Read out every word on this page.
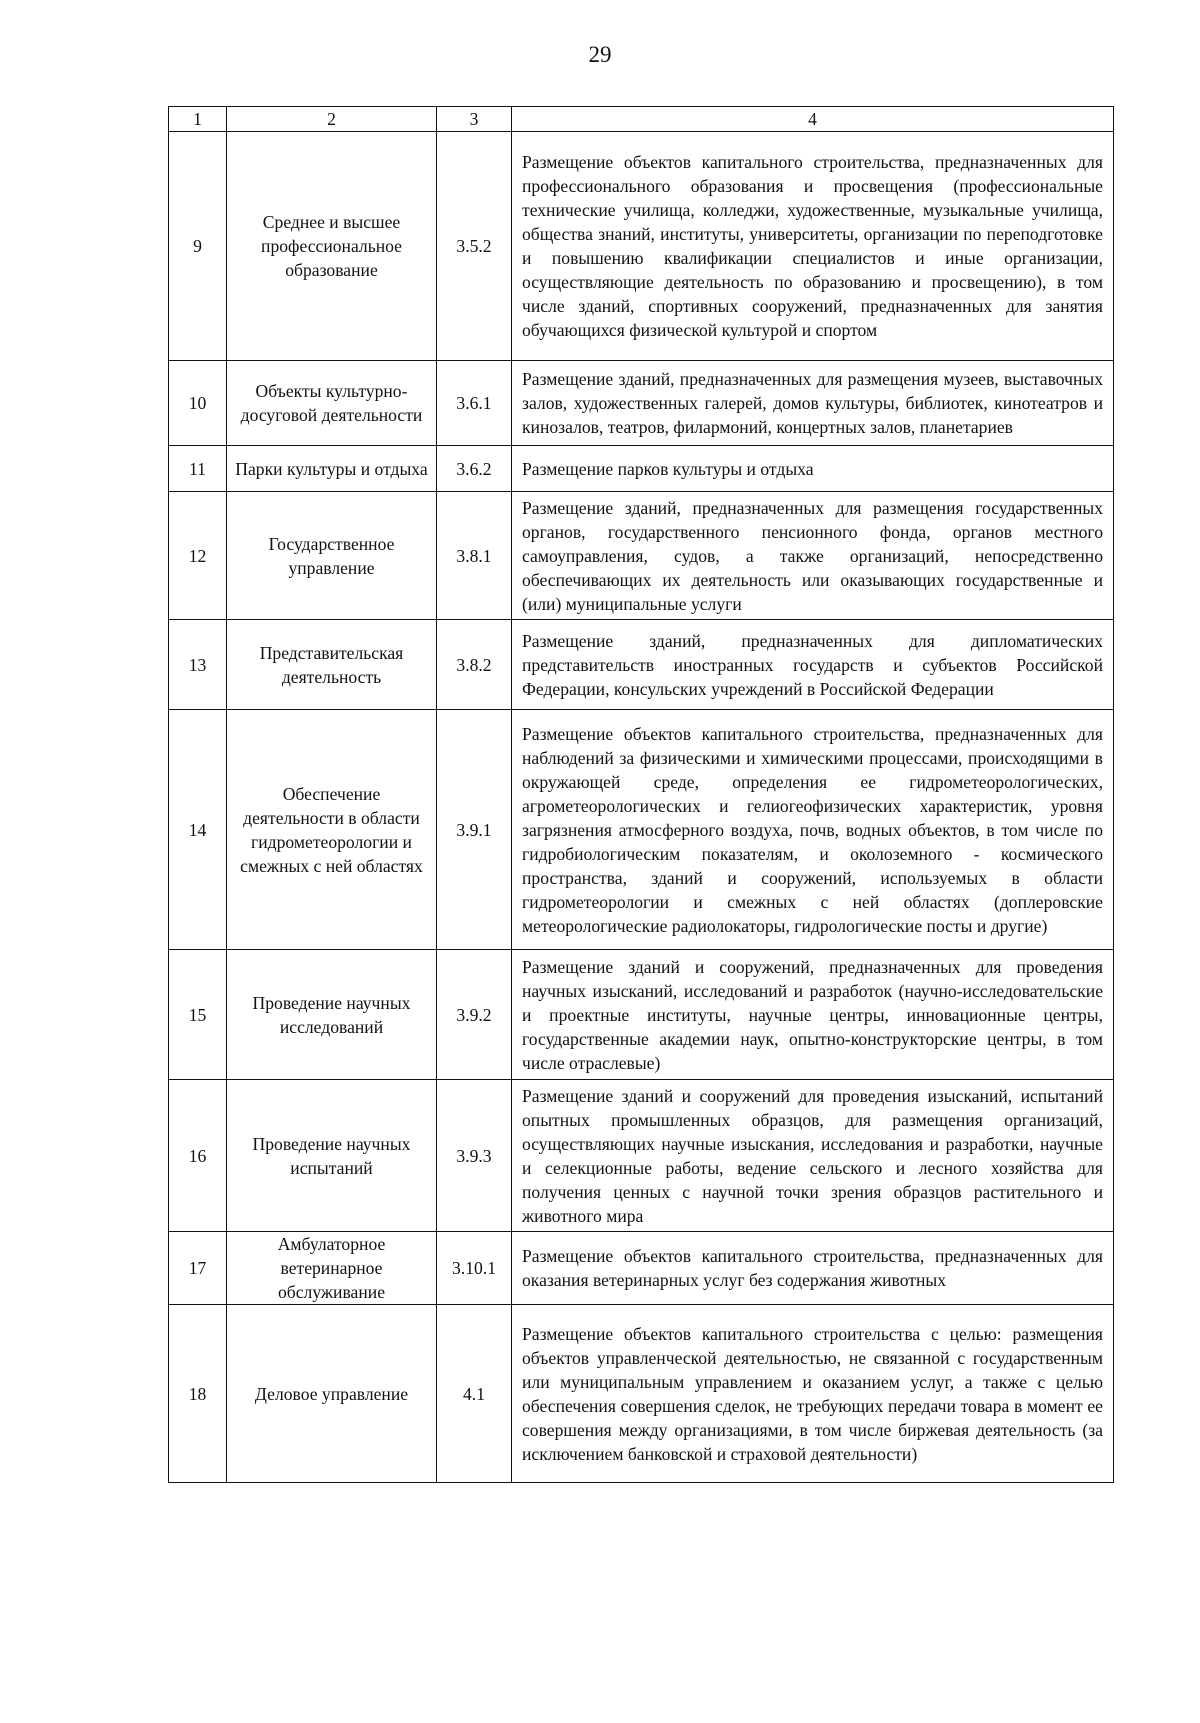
29
1	2	3	4
9	Среднее и высшее профессиональное образование	3.5.2	Размещение объектов капитального строительства, предназначенных для профессионального образования и просвещения (профессиональные технические училища, колледжи, художественные, музыкальные училища, общества знаний, институты, университеты, организации по переподготовке и повышению квалификации специалистов и иные организации, осуществляющие деятельность по образованию и просвещению), в том числе зданий, спортивных сооружений, предназначенных для занятия обучающихся физической культурой и спортом
10	Объекты культурно-досуговой деятельности	3.6.1	Размещение зданий, предназначенных для размещения музеев, выставочных залов, художественных галерей, домов культуры, библиотек, кинотеатров и кинозалов, театров, филармоний, концертных залов, планетариев
11	Парки культуры и отдыха	3.6.2	Размещение парков культуры и отдыха
12	Государственное управление	3.8.1	Размещение зданий, предназначенных для размещения государственных органов, государственного пенсионного фонда, органов местного самоуправления, судов, а также организаций, непосредственно обеспечивающих их деятельность или оказывающих государственные и (или) муниципальные услуги
13	Представительская деятельность	3.8.2	Размещение зданий, предназначенных для дипломатических представительств иностранных государств и субъектов Российской Федерации, консульских учреждений в Российской Федерации
14	Обеспечение деятельности в области гидрометеорологии и смежных с ней областях	3.9.1	Размещение объектов капитального строительства, предназначенных для наблюдений за физическими и химическими процессами, происходящими в окружающей среде, определения ее гидрометеорологических, агрометеорологических и гелиогеофизических характеристик, уровня загрязнения атмосферного воздуха, почв, водных объектов, в том числе по гидробиологическим показателям, и околоземного - космического пространства, зданий и сооружений, используемых в области гидрометеорологии и смежных с ней областях (доплеровские метеорологические радиолокаторы, гидрологические посты и другие)
15	Проведение научных исследований	3.9.2	Размещение зданий и сооружений, предназначенных для проведения научных изысканий, исследований и разработок (научно-исследовательские и проектные институты, научные центры, инновационные центры, государственные академии наук, опытно-конструкторские центры, в том числе отраслевые)
16	Проведение научных испытаний	3.9.3	Размещение зданий и сооружений для проведения изысканий, испытаний опытных промышленных образцов, для размещения организаций, осуществляющих научные изыскания, исследования и разработки, научные и селекционные работы, ведение сельского и лесного хозяйства для получения ценных с научной точки зрения образцов растительного и животного мира
17	Амбулаторное ветеринарное обслуживание	3.10.1	Размещение объектов капитального строительства, предназначенных для оказания ветеринарных услуг без содержания животных
18	Деловое управление	4.1	Размещение объектов капитального строительства с целью: размещения объектов управленческой деятельностью, не связанной с государственным или муниципальным управлением и оказанием услуг, а также с целью обеспечения совершения сделок, не требующих передачи товара в момент ее совершения между организациями, в том числе биржевая деятельность (за исключением банковской и страховой деятельности)
